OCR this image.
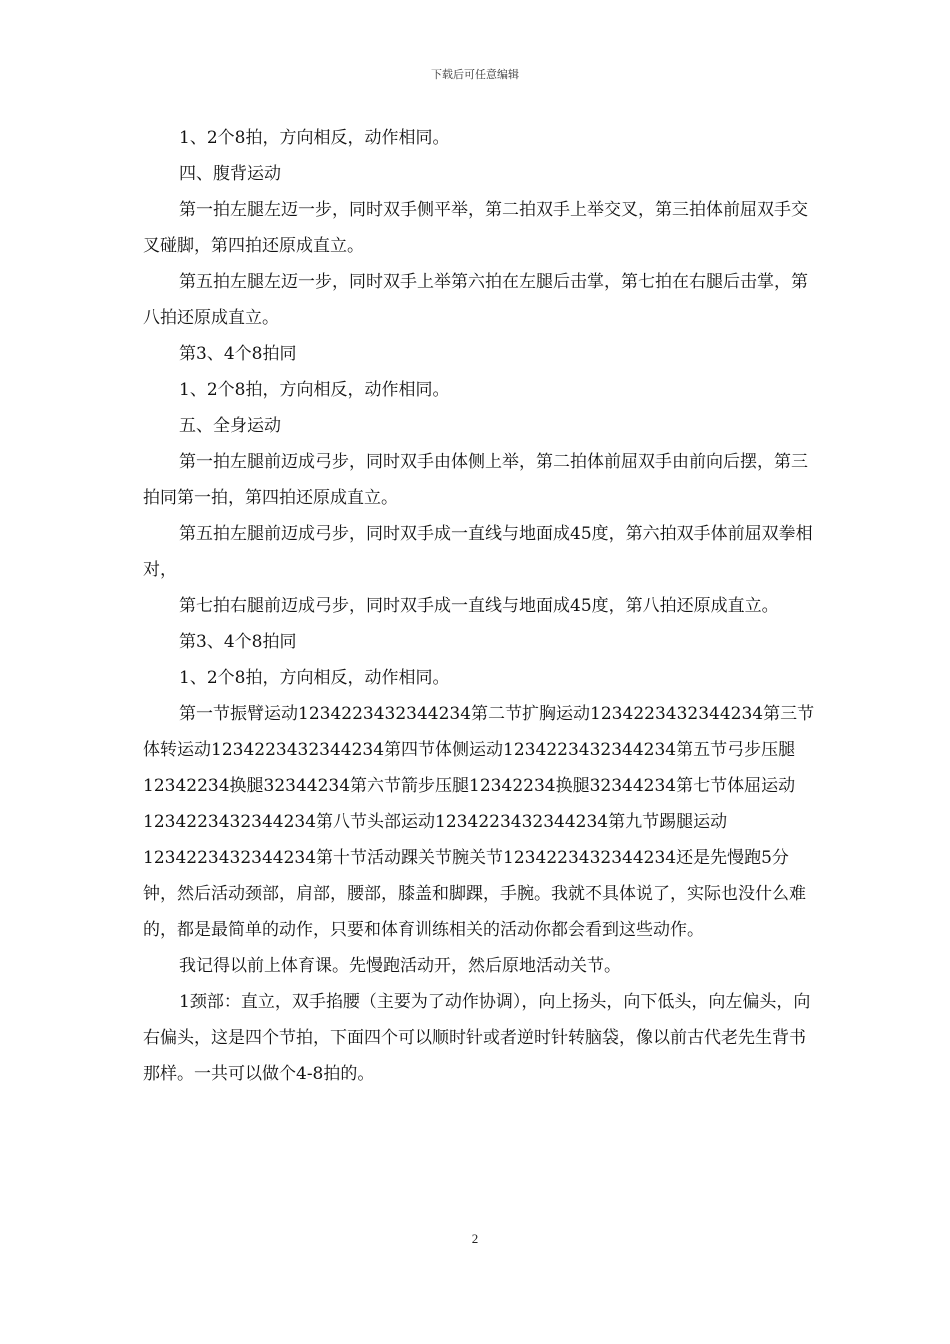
下载后可任意编辑

1、2个8拍，方向相反，动作相同。

四、腹背运动

第一拍左腿左迈一步，同时双手侧平举，第二拍双手上举交叉，第三拍体前屈双手交叉碰脚，第四拍还原成直立。

第五拍左腿左迈一步，同时双手上举第六拍在左腿后击掌，第七拍在右腿后击掌，第八拍还原成直立。

第3、4个8拍同

1、2个8拍，方向相反，动作相同。

五、全身运动

第一拍左腿前迈成弓步，同时双手由体侧上举，第二拍体前屈双手由前向后摆，第三拍同第一拍，第四拍还原成直立。

第五拍左腿前迈成弓步，同时双手成一直线与地面成45度，第六拍双手体前屈双拳相对，

第七拍右腿前迈成弓步，同时双手成一直线与地面成45度，第八拍还原成直立。

第3、4个8拍同

1、2个8拍，方向相反，动作相同。

第一节振臂运动1234223432344234第二节扩胸运动1234223432344234第三节体转运动1234223432344234第四节体侧运动1234223432344234第五节弓步压腿12342234换腿32344234第六节箭步压腿12342234换腿32344234第七节体屈运动1234223432344234第八节头部运动1234223432344234第九节踢腿运动1234223432344234第十节活动踝关节腕关节1234223432344234还是先慢跑5分钟，然后活动颈部，肩部，腰部，膝盖和脚踝，手腕。我就不具体说了，实际也没什么难的，都是最简单的动作，只要和体育训练相关的活动你都会看到这些动作。

我记得以前上体育课。先慢跑活动开，然后原地活动关节。

1颈部：直立，双手掐腰（主要为了动作协调），向上扬头，向下低头，向左偏头，向右偏头，这是四个节拍，下面四个可以顺时针或者逆时针转脑袋，像以前古代老先生背书那样。一共可以做个4-8拍的。

2
